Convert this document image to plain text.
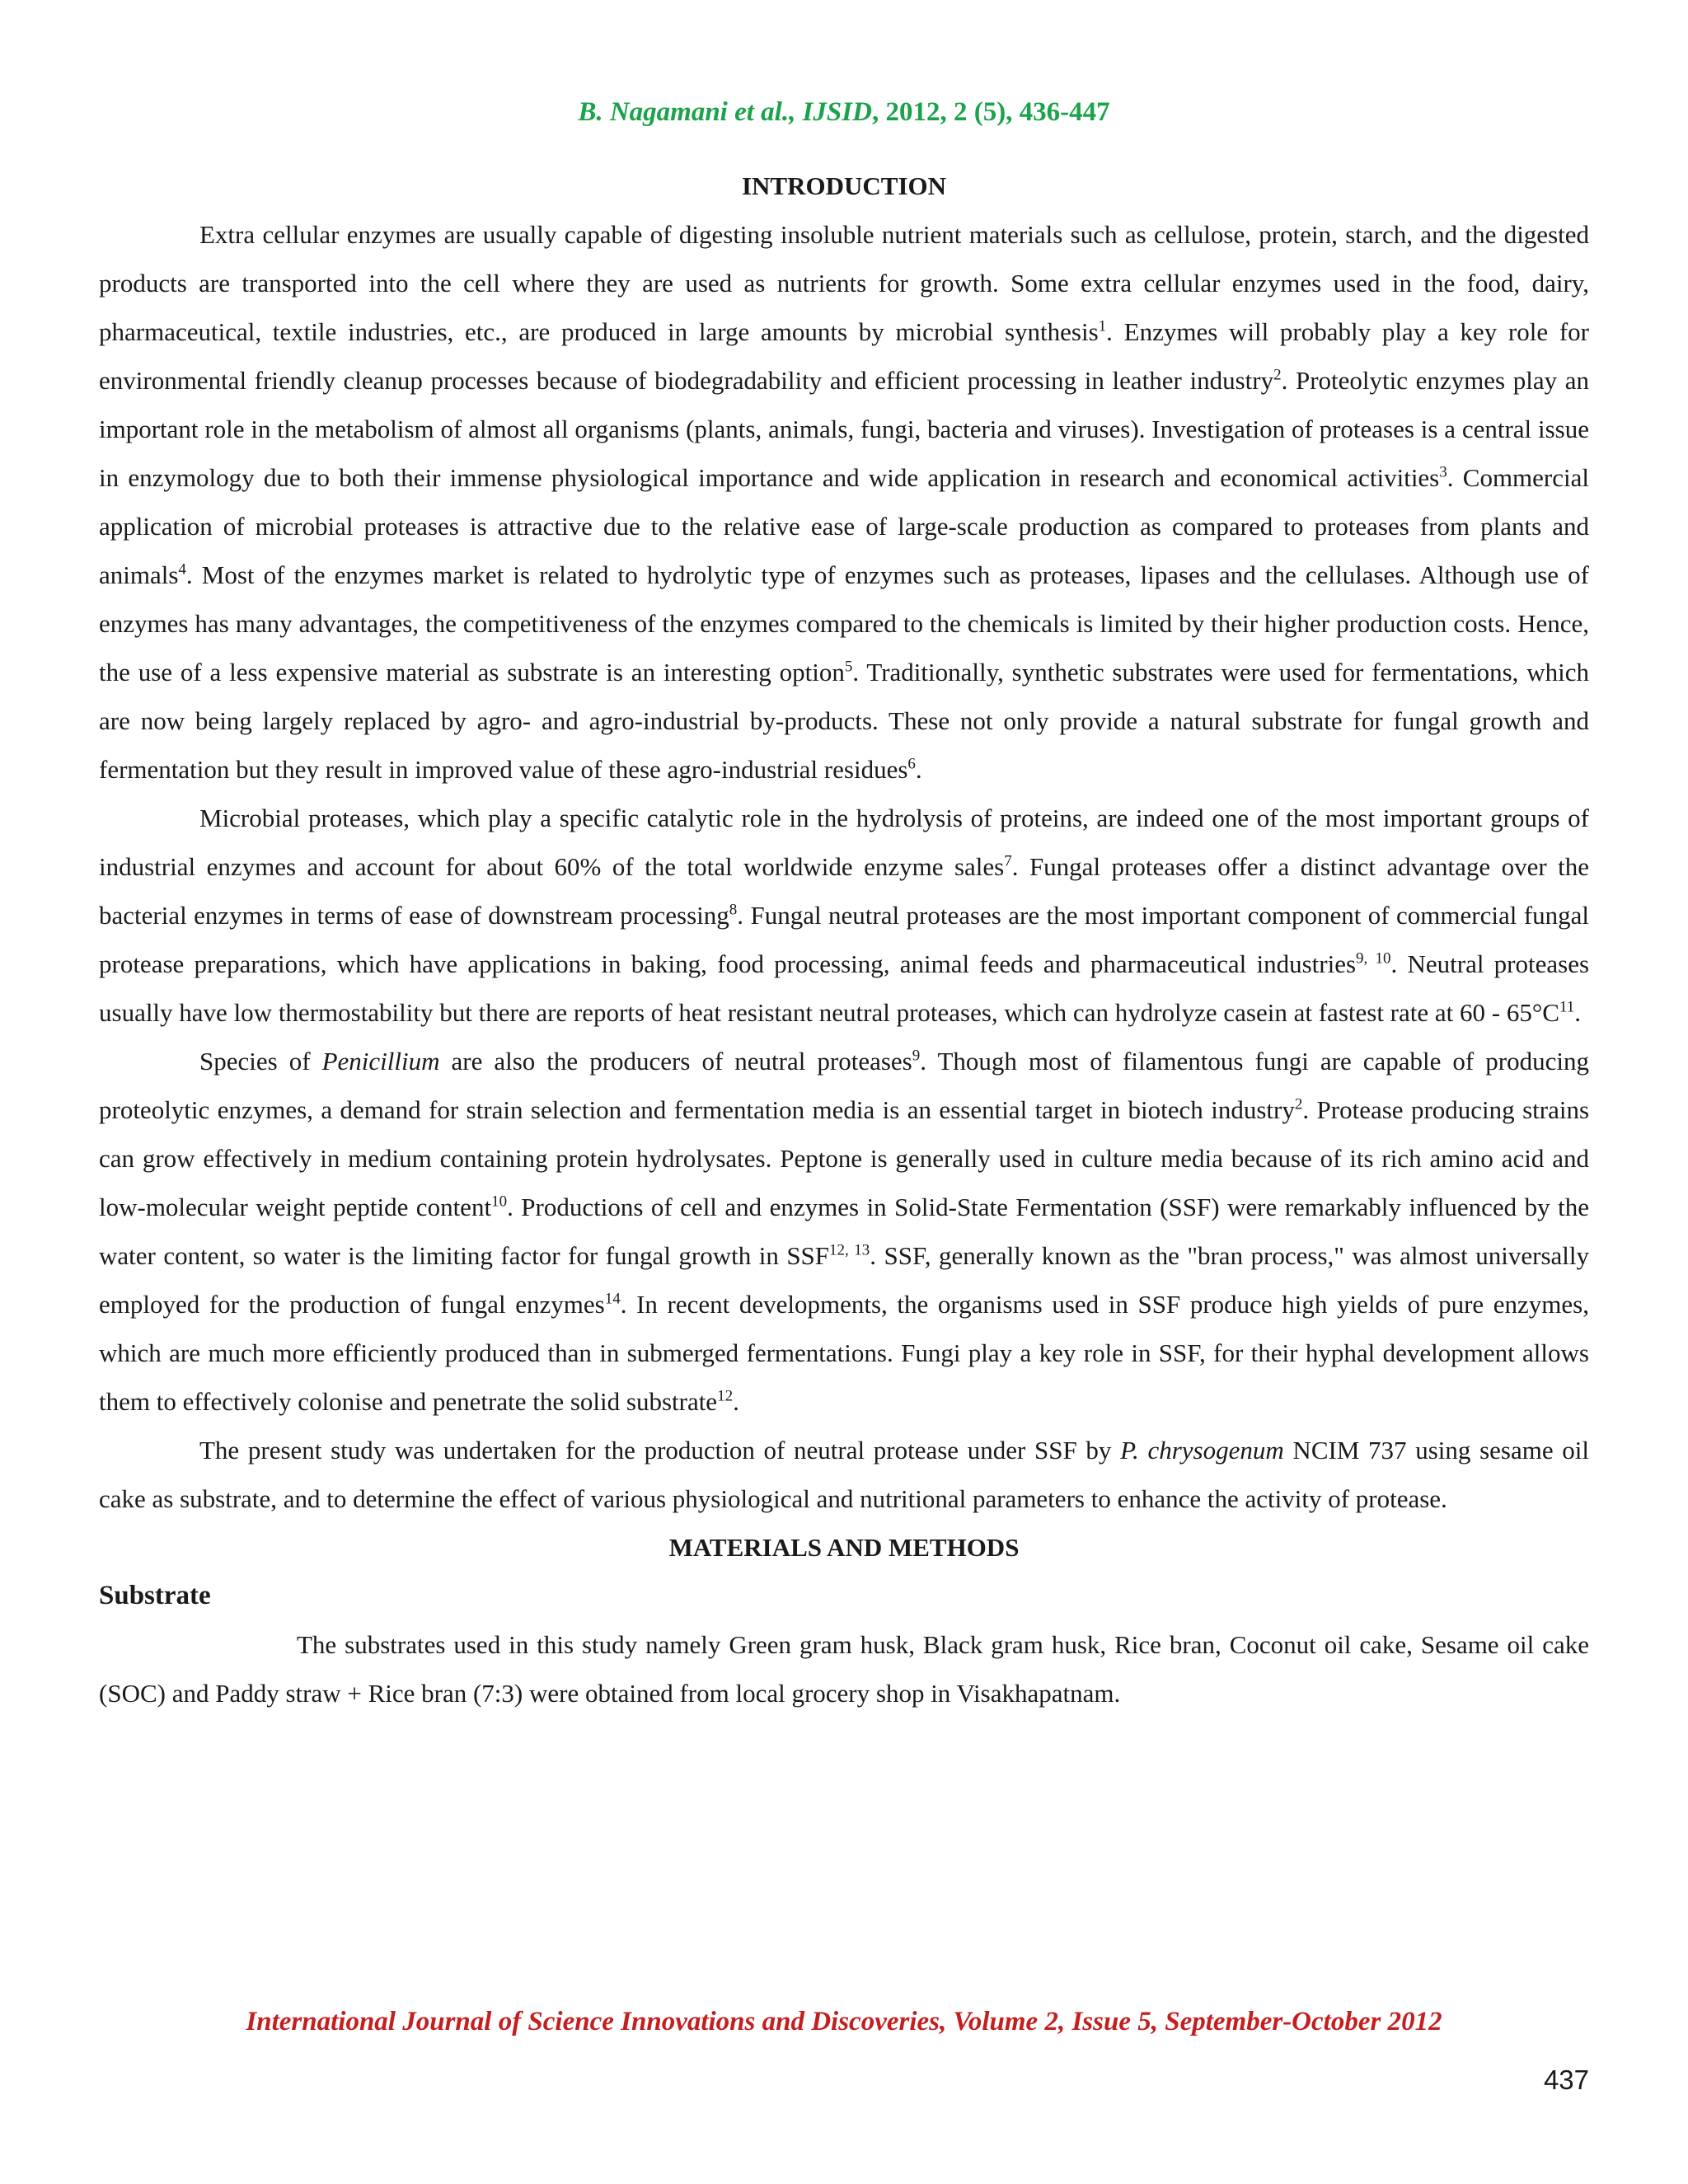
B. Nagamani et al., IJSID, 2012, 2 (5), 436-447
INTRODUCTION

Extra cellular enzymes are usually capable of digesting insoluble nutrient materials such as cellulose, protein, starch, and the digested products are transported into the cell where they are used as nutrients for growth. Some extra cellular enzymes used in the food, dairy, pharmaceutical, textile industries, etc., are produced in large amounts by microbial synthesis$^1$. Enzymes will probably play a key role for environmental friendly cleanup processes because of biodegradability and efficient processing in leather industry$^2$. Proteolytic enzymes play an important role in the metabolism of almost all organisms (plants, animals, fungi, bacteria and viruses). Investigation of proteases is a central issue in enzymology due to both their immense physiological importance and wide application in research and economical activities$^3$. Commercial application of microbial proteases is attractive due to the relative ease of large-scale production as compared to proteases from plants and animals$^4$. Most of the enzymes market is related to hydrolytic type of enzymes such as proteases, lipases and the cellulases. Although use of enzymes has many advantages, the competitiveness of the enzymes compared to the chemicals is limited by their higher production costs. Hence, the use of a less expensive material as substrate is an interesting option$^5$. Traditionally, synthetic substrates were used for fermentations, which are now being largely replaced by agro- and agro-industrial by-products. These not only provide a natural substrate for fungal growth and fermentation but they result in improved value of these agro-industrial residues$^6$.

Microbial proteases, which play a specific catalytic role in the hydrolysis of proteins, are indeed one of the most important groups of industrial enzymes and account for about 60% of the total worldwide enzyme sales$^7$. Fungal proteases offer a distinct advantage over the bacterial enzymes in terms of ease of downstream processing$^8$. Fungal neutral proteases are the most important component of commercial fungal protease preparations, which have applications in baking, food processing, animal feeds and pharmaceutical industries$^{9, 10}$. Neutral proteases usually have low thermostability but there are reports of heat resistant neutral proteases, which can hydrolyze casein at fastest rate at $60 - 65^\circ C^{11}$.

Species of Penicillium are also the producers of neutral proteases$^9$. Though most of filamentous fungi are capable of producing proteolytic enzymes, a demand for strain selection and fermentation media is an essential target in biotech industry$^2$. Protease producing strains can grow effectively in medium containing protein hydrolysates. Peptone is generally used in culture media because of its rich amino acid and low-molecular weight peptide content$^{10}$. Productions of cell and enzymes in Solid-State Fermentation (SSF) were remarkably influenced by the water content, so water is the limiting factor for fungal growth in SSF$^{12, 13}$. SSF, generally known as the "bran process," was almost universally employed for the production of fungal enzymes$^{14}$. In recent developments, the organisms used in SSF produce high yields of pure enzymes, which are much more efficiently produced than in submerged fermentations. Fungi play a key role in SSF, for their hyphal development allows them to effectively colonise and penetrate the solid substrate$^{12}$.

The present study was undertaken for the production of neutral protease under SSF by P. chrysogenum NCIM 737 using sesame oil cake as substrate, and to determine the effect of various physiological and nutritional parameters to enhance the activity of protease.

MATERIALS AND METHODS
Substrate

The substrates used in this study namely Green gram husk, Black gram husk, Rice bran, Coconut oil cake, Sesame oil cake (SOC) and Paddy straw + Rice bran (7:3) were obtained from local grocery shop in Visakhapatnam.

International Journal of Science Innovations and Discoveries, Volume 2, Issue 5, September-October 2012
437
